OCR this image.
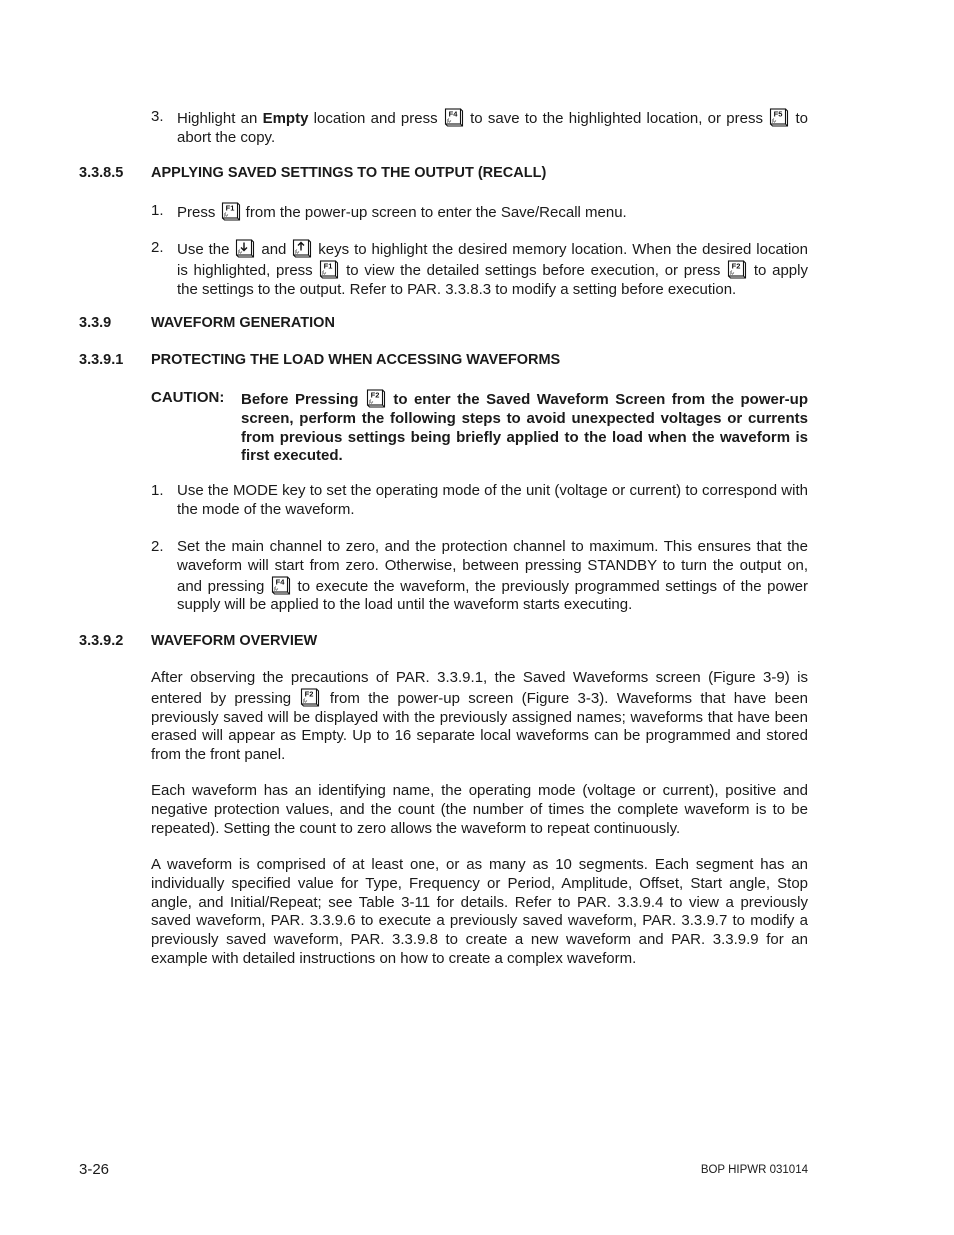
3. Highlight an Empty location and press F4 to save to the highlighted location, or press F5 to abort the copy.
3.3.8.5 APPLYING SAVED SETTINGS TO THE OUTPUT (RECALL)
1. Press F1 from the power-up screen to enter the Save/Recall menu.
2. Use the
and
keys to highlight the desired memory location. When the desired location is highlighted, press F1 to view the detailed settings before execution, or press F2 to apply the settings to the output. Refer to PAR. 3.3.8.3 to modify a setting before execution.
3.3.9	WAVEFORM GENERATION
3.3.9.1 PROTECTING THE LOAD WHEN ACCESSING WAVEFORMS
CAUTION: Before Pressing F2 to enter the Saved Waveform Screen from the power-up screen, perform the following steps to avoid unexpected voltages or currents from previous settings being briefly applied to the load when the waveform is first executed.
1. Use the MODE key to set the operating mode of the unit (voltage or current) to correspond with the mode of the waveform.
2. Set the main channel to zero, and the protection channel to maximum. This ensures that the waveform will start from zero. Otherwise, between pressing STANDBY to turn the output on, and pressing F4 to execute the waveform, the previously programmed settings of the power supply will be applied to the load until the waveform starts executing.
3.3.9.2 WAVEFORM OVERVIEW
After observing the precautions of PAR. 3.3.9.1, the Saved Waveforms screen (Figure 3-9) is entered by pressing F2 from the power-up screen (Figure 3-3). Waveforms that have been previously saved will be displayed with the previously assigned names; waveforms that have been erased will appear as Empty. Up to 16 separate local waveforms can be programmed and stored from the front panel.
Each waveform has an identifying name, the operating mode (voltage or current), positive and negative protection values, and the count (the number of times the complete waveform is to be repeated). Setting the count to zero allows the waveform to repeat continuously.
A waveform is comprised of at least one, or as many as 10 segments. Each segment has an individually specified value for Type, Frequency or Period, Amplitude, Offset, Start angle, Stop angle, and Initial/Repeat; see Table 3-11 for details. Refer to PAR. 3.3.9.4 to view a previously saved waveform, PAR. 3.3.9.6 to execute a previously saved waveform, PAR. 3.3.9.7 to modify a previously saved waveform, PAR. 3.3.9.8 to create a new waveform and PAR. 3.3.9.9 for an example with detailed instructions on how to create a complex waveform.
3-26	BOP HIPWR 031014
